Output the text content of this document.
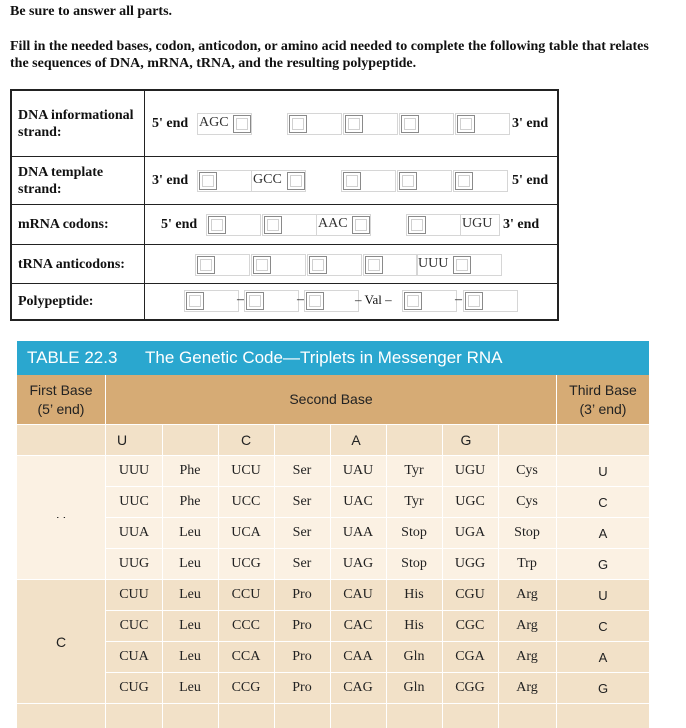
Be sure to answer all parts.
Fill in the needed bases, codon, anticodon, or amino acid needed to complete the following table that relates the sequences of DNA, mRNA, tRNA, and the resulting polypeptide.
DNA informational strand:
5' end AGC	3' end
DNA template strand:
3' end	GCC	5' end
mRNA codons:	5' end	AAC	UGU 3' end
tRNA anticodons:	UUU
Polypeptide:	–	–	– Val –	–
TABLE 22.3 The Genetic Code—Triplets in Messenger RNA
First Base (5’ end)
Second Base
Third Base (3’ end)
U	C	A	G
UUU	Phe	UCU	Ser	UAU	Tyr	UGU	Cys	U
UUC	Phe	UCC	Ser	UAC	Tyr	UGC	Cys	C
UUA	Leu	UCA	Ser	UAA	Stop	UGA	Stop	A
UUG	Leu	UCG	Ser	UAG	Stop	UGG	Trp	G
CUU	Leu	CCU	Pro	CAU	His	CGU	Arg	U
CUC	Leu	CCC	Pro	CAC	His	CGC	Arg	C
CUA	Leu	CCA	Pro	CAA	Gln	CGA	Arg	A
CUG	Leu	CCG	Pro	CAG	Gln	CGG	Arg	G
C
